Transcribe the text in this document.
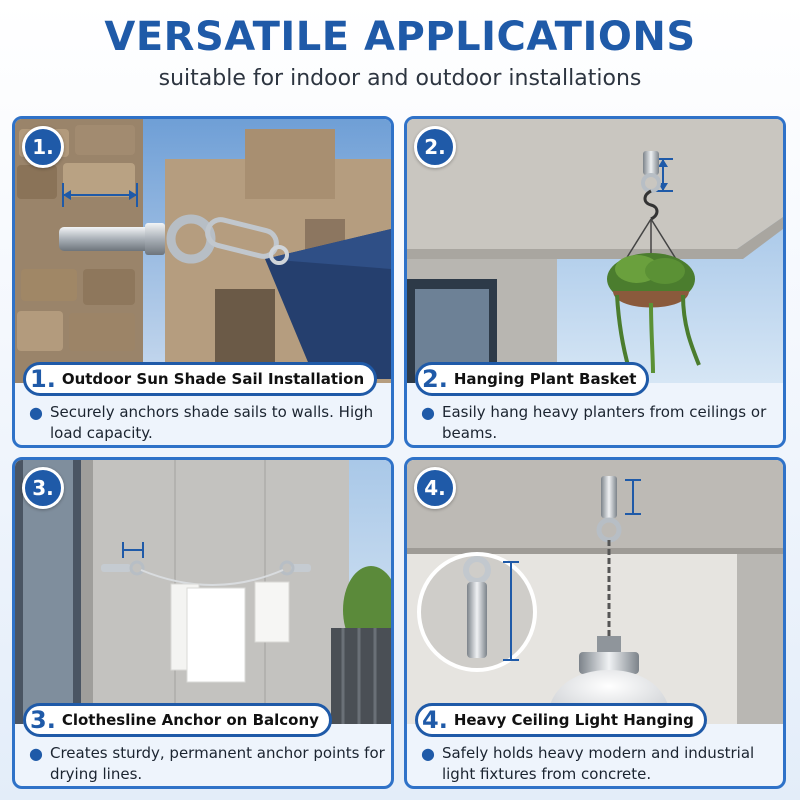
VERSATILE APPLICATIONS
suitable for indoor and outdoor installations
1.
1. Outdoor Sun Shade Sail Installation
● Securely anchors shade sails to walls. High load capacity.
2.
2. Hanging Plant Basket
● Easily hang heavy planters from ceilings or beams.
3.
3. Clothesline Anchor on Balcony
● Creates sturdy, permanent anchor points for drying lines.
4.
4. Heavy Ceiling Light Hanging
● Safely holds heavy modern and industrial light fixtures from concrete.
